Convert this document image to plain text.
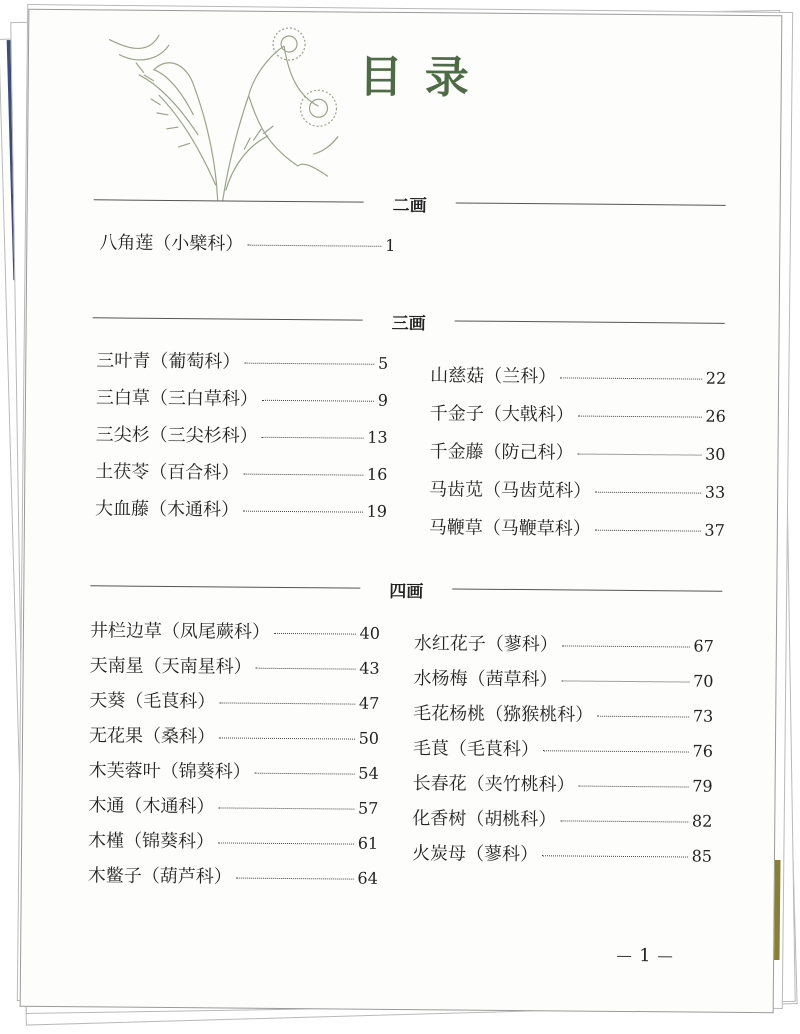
目录
二画
八角莲（小檗科）	1
三画
三叶青（葡萄科）	5
三白草（三白草科）	9
三尖杉（三尖杉科）	13
土茯苓（百合科）	16
大血藤（木通科）	19
山慈菇（兰科）	22
千金子（大戟科）	26
千金藤（防己科）	30
马齿苋（马齿苋科）	33
马鞭草（马鞭草科）	37
四画
井栏边草（凤尾蕨科）	40
天南星（天南星科）	43
天葵（毛茛科）	47
无花果（桑科）	50
木芙蓉叶（锦葵科）	54
木通（木通科）	57
木槿（锦葵科）	61
木鳖子（葫芦科）	64
水红花子（蓼科）	67
水杨梅（茜草科）	70
毛花杨桃（猕猴桃科）	73
毛茛（毛茛科）	76
长春花（夹竹桃科）	79
化香树（胡桃科）	82
火炭母（蓼科）	85
1
